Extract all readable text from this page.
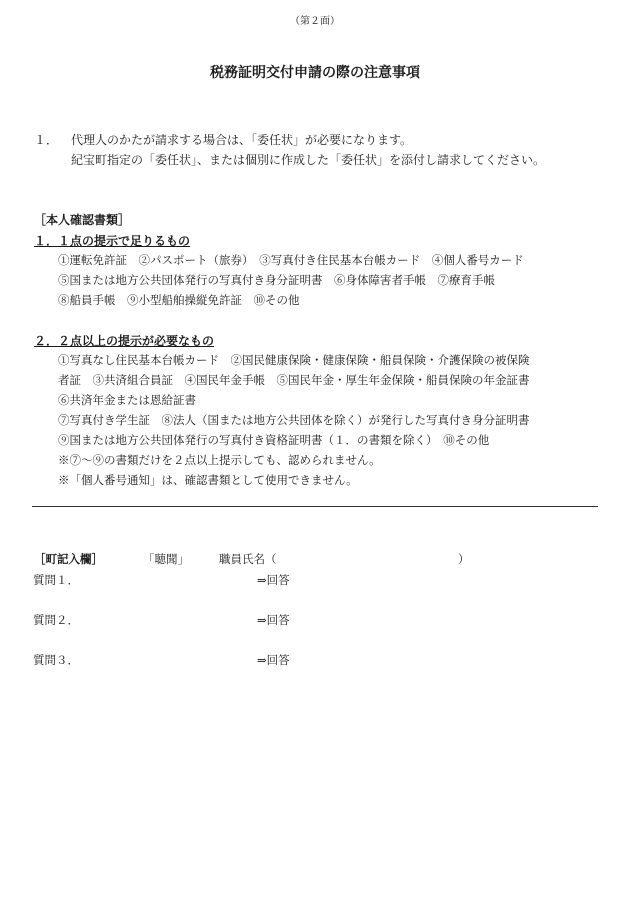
（第２面）
税務証明交付申請の際の注意事項
１． 代理人のかたが請求する場合は、「委任状」が必要になります。
紀宝町指定の「委任状」、または個別に作成した「委任状」を添付し請求してください。
［本人確認書類］
１．１点の提示で足りるもの
①運転免許証　②パスポート（旅券）　③写真付き住民基本台帳カード　④個人番号カード
⑤国または地方公共団体発行の写真付き身分証明書　⑥身体障害者手帳　⑦療育手帳
⑧船員手帳　⑨小型船舶操縦免許証　⑩その他
２．２点以上の提示が必要なもの
①写真なし住民基本台帳カード　②国民健康保険・健康保険・船員保険・介護保険の被保険
者証　③共済組合員証　④国民年金手帳　⑤国民年金・厚生年金保険・船員保険の年金証書
⑥共済年金または恩給証書
⑦写真付き学生証　⑧法人（国または地方公共団体を除く）が発行した写真付き身分証明書
⑨国または地方公共団体発行の写真付き資格証明書（１．の書類を除く）　⑩その他
※⑦～⑨の書類だけを２点以上提示しても、認められません。
※「個人番号通知」は、確認書類として使用できません。
［町記入欄］	「聴聞」	職員氏名（	）
質問１．	⇒回答
質問２．	⇒回答
質問３．	⇒回答
